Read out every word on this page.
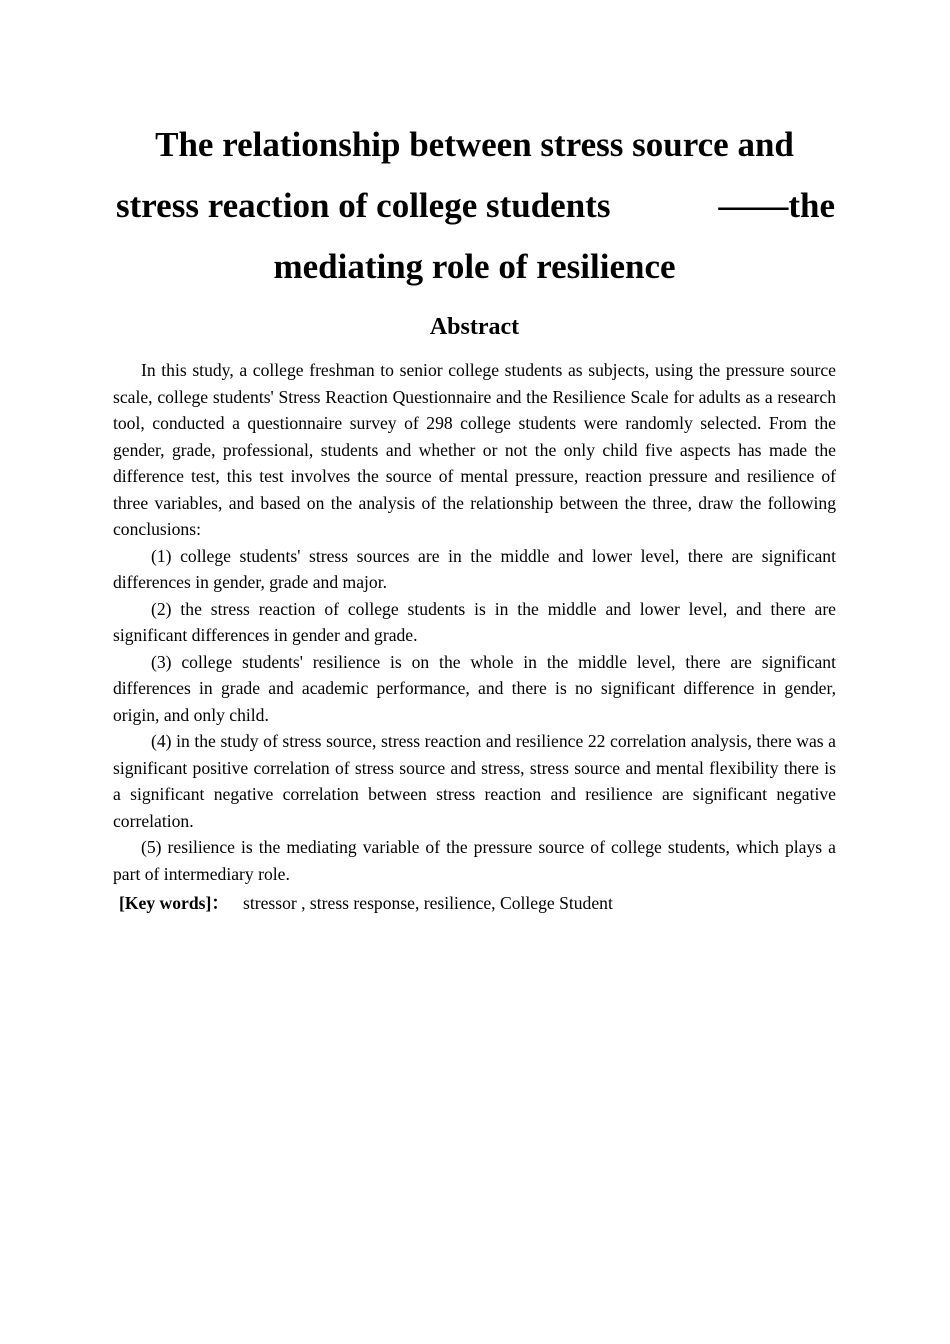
The relationship between stress source and
stress reaction of college students	——the
mediating role of resilience
Abstract

In this study, a college freshman to senior college students as subjects, using the pressure source scale, college students' Stress Reaction Questionnaire and the Resilience Scale for adults as a research tool, conducted a questionnaire survey of 298 college students were randomly selected. From the gender, grade, professional, students and whether or not the only child five aspects has made the difference test, this test involves the source of mental pressure, reaction pressure and resilience of three variables, and based on the analysis of the relationship between the three, draw the following conclusions:

(1) college students' stress sources are in the middle and lower level, there are significant differences in gender, grade and major.

(2) the stress reaction of college students is in the middle and lower level, and there are significant differences in gender and grade.

(3) college students' resilience is on the whole in the middle level, there are significant differences in grade and academic performance, and there is no significant difference in gender, origin, and only child.

(4) in the study of stress source, stress reaction and resilience 22 correlation analysis, there was a significant positive correlation of stress source and stress, stress source and mental flexibility there is a significant negative correlation between stress reaction and resilience are significant negative correlation.

(5) resilience is the mediating variable of the pressure source of college students, which plays a part of intermediary role.

[Key words]： stressor , stress response, resilience, College Student
